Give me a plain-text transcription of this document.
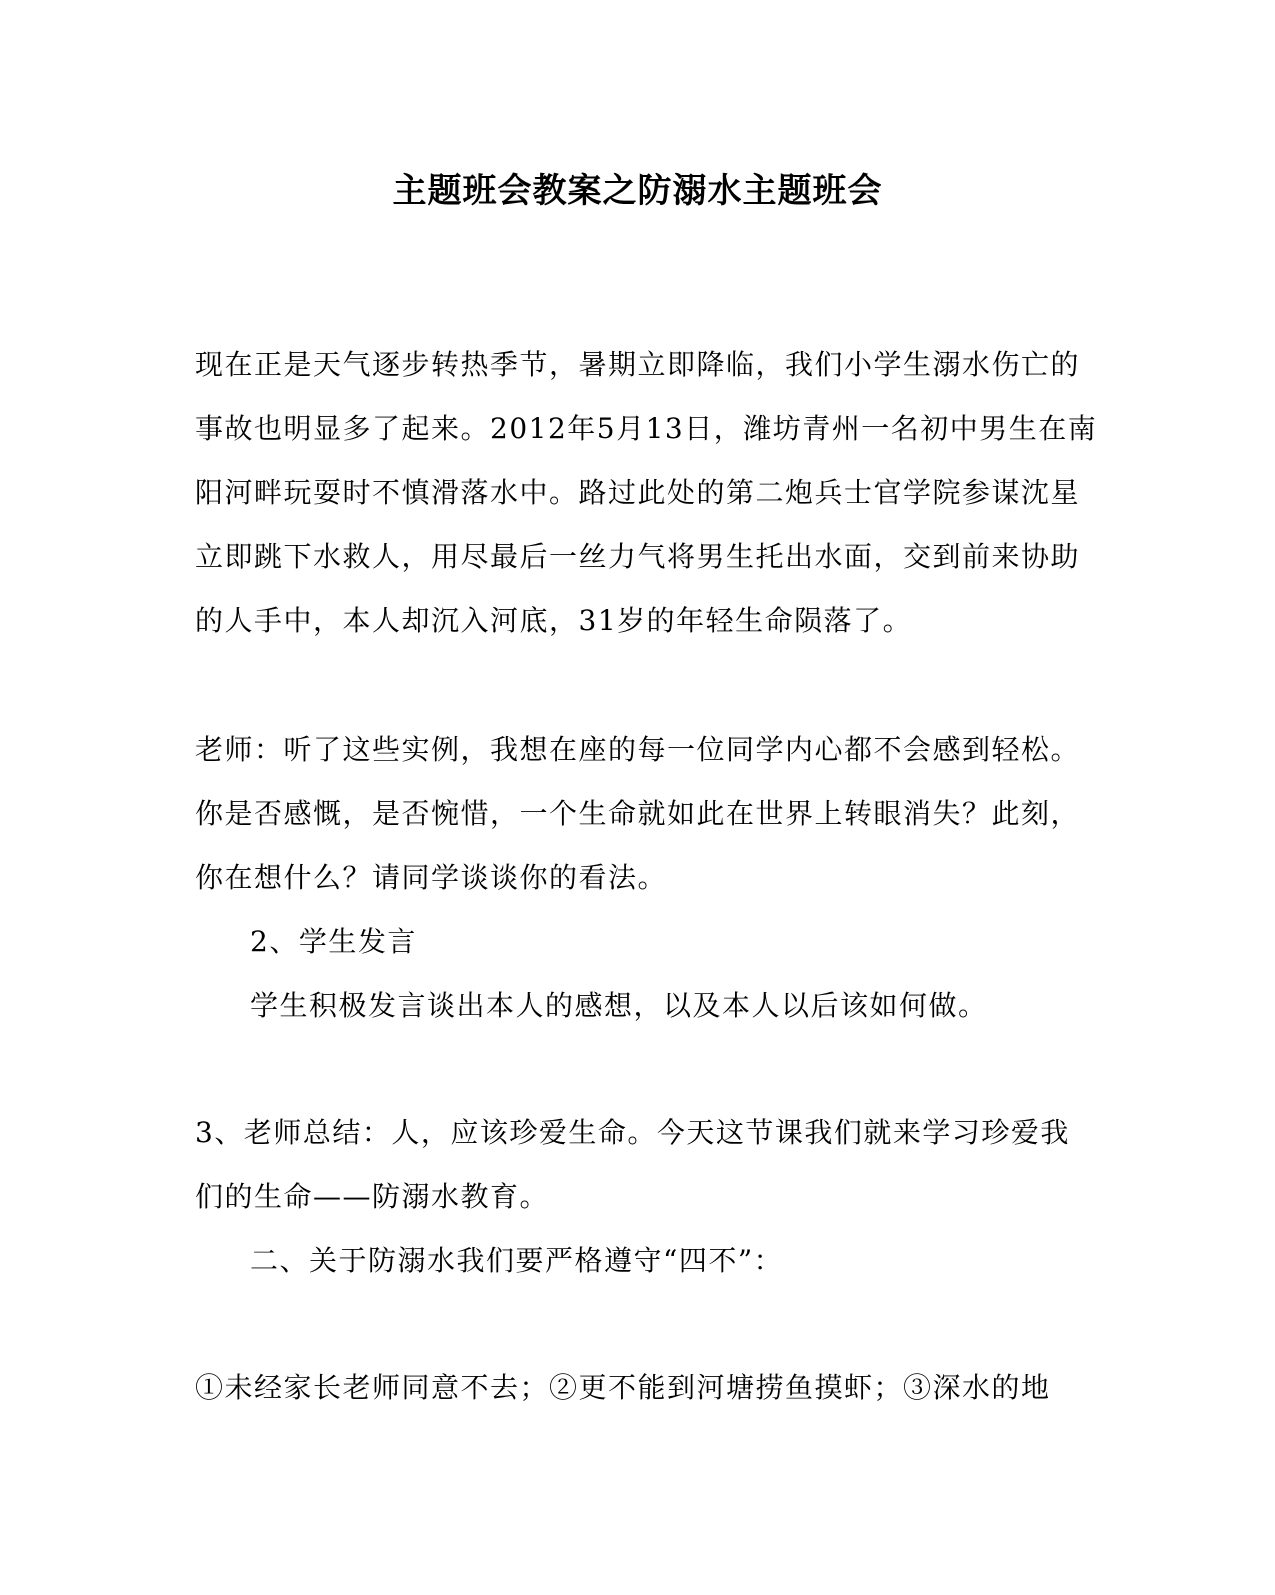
主题班会教案之防溺水主题班会
现在正是天气逐步转热季节，暑期立即降临，我们小学生溺水伤亡的
事故也明显多了起来。2012年5月13日，潍坊青州一名初中男生在南
阳河畔玩耍时不慎滑落水中。路过此处的第二炮兵士官学院参谋沈星
立即跳下水救人，用尽最后一丝力气将男生托出水面，交到前来协助
的人手中，本人却沉入河底，31岁的年轻生命陨落了。
老师：听了这些实例，我想在座的每一位同学内心都不会感到轻松。
你是否感慨，是否惋惜，一个生命就如此在世界上转眼消失？此刻，
你在想什么？请同学谈谈你的看法。
2、学生发言
学生积极发言谈出本人的感想，以及本人以后该如何做。
3、老师总结：人，应该珍爱生命。今天这节课我们就来学习珍爱我
们的生命——防溺水教育。
二、关于防溺水我们要严格遵守“四不”：
①未经家长老师同意不去；②更不能到河塘捞鱼摸虾；③深水的地
